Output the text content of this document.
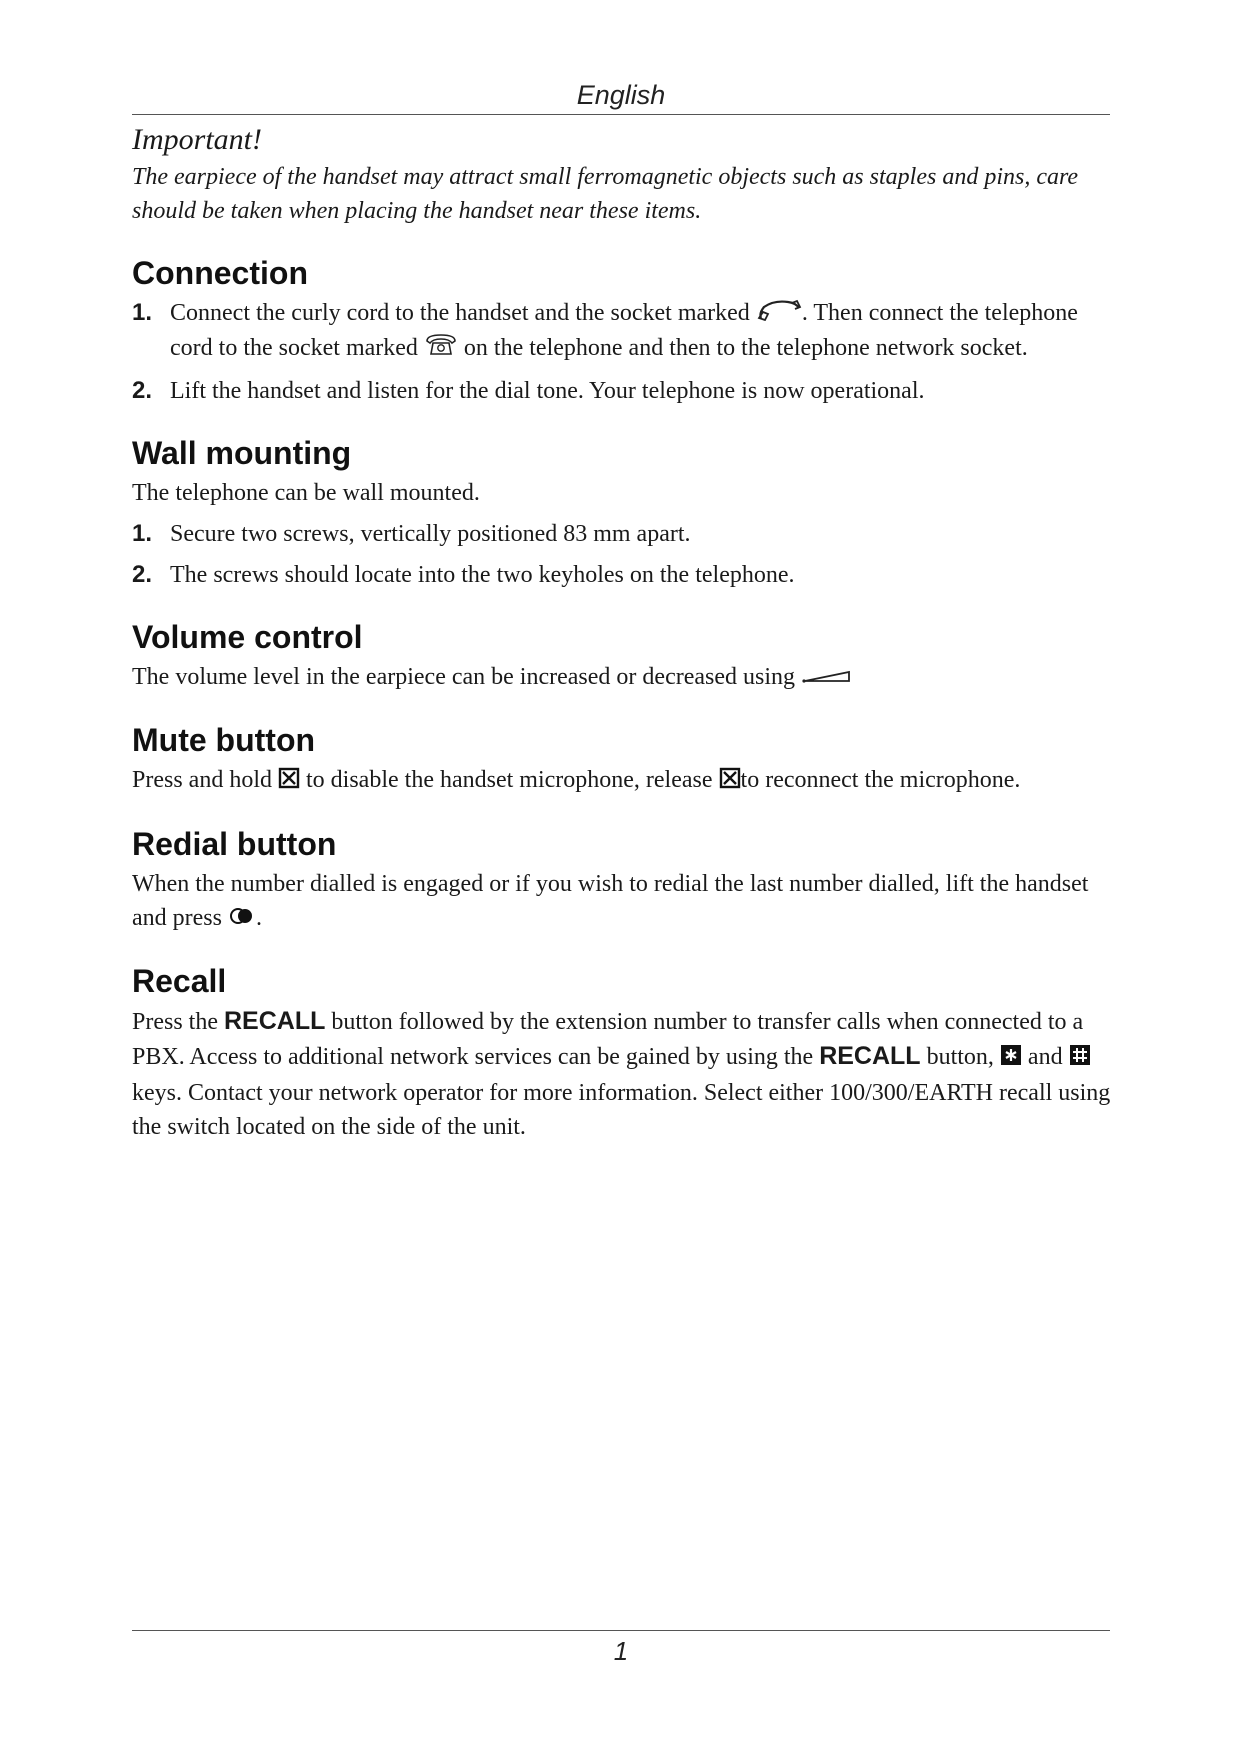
English

Important!

The earpiece of the handset may attract small ferromagnetic objects such as staples and pins, care should be taken when placing the handset near these items.

Connection
1. Connect the curly cord to the handset and the socket marked . Then connect the telephone cord to the socket marked on the telephone and then to the telephone network socket.
2. Lift the handset and listen for the dial tone. Your telephone is now operational.
Wall mounting

The telephone can be wall mounted.

1. Secure two screws, vertically positioned 83 mm apart.
2. The screws should locate into the two keyholes on the telephone.
Volume control

The volume level in the earpiece can be increased or decreased using

Mute button

Press and hold to disable the handset microphone, release to reconnect the microphone.

Redial button

When the number dialled is engaged or if you wish to redial the last number dialled, lift the handset and press .

Recall

Press the RECALL button followed by the extension number to transfer calls when connected to a PBX. Access to additional network services can be gained by using the RECALL button, and  keys. Contact your network operator for more information. Select either 100/300/EARTH recall using the switch located on the side of the unit.

1
